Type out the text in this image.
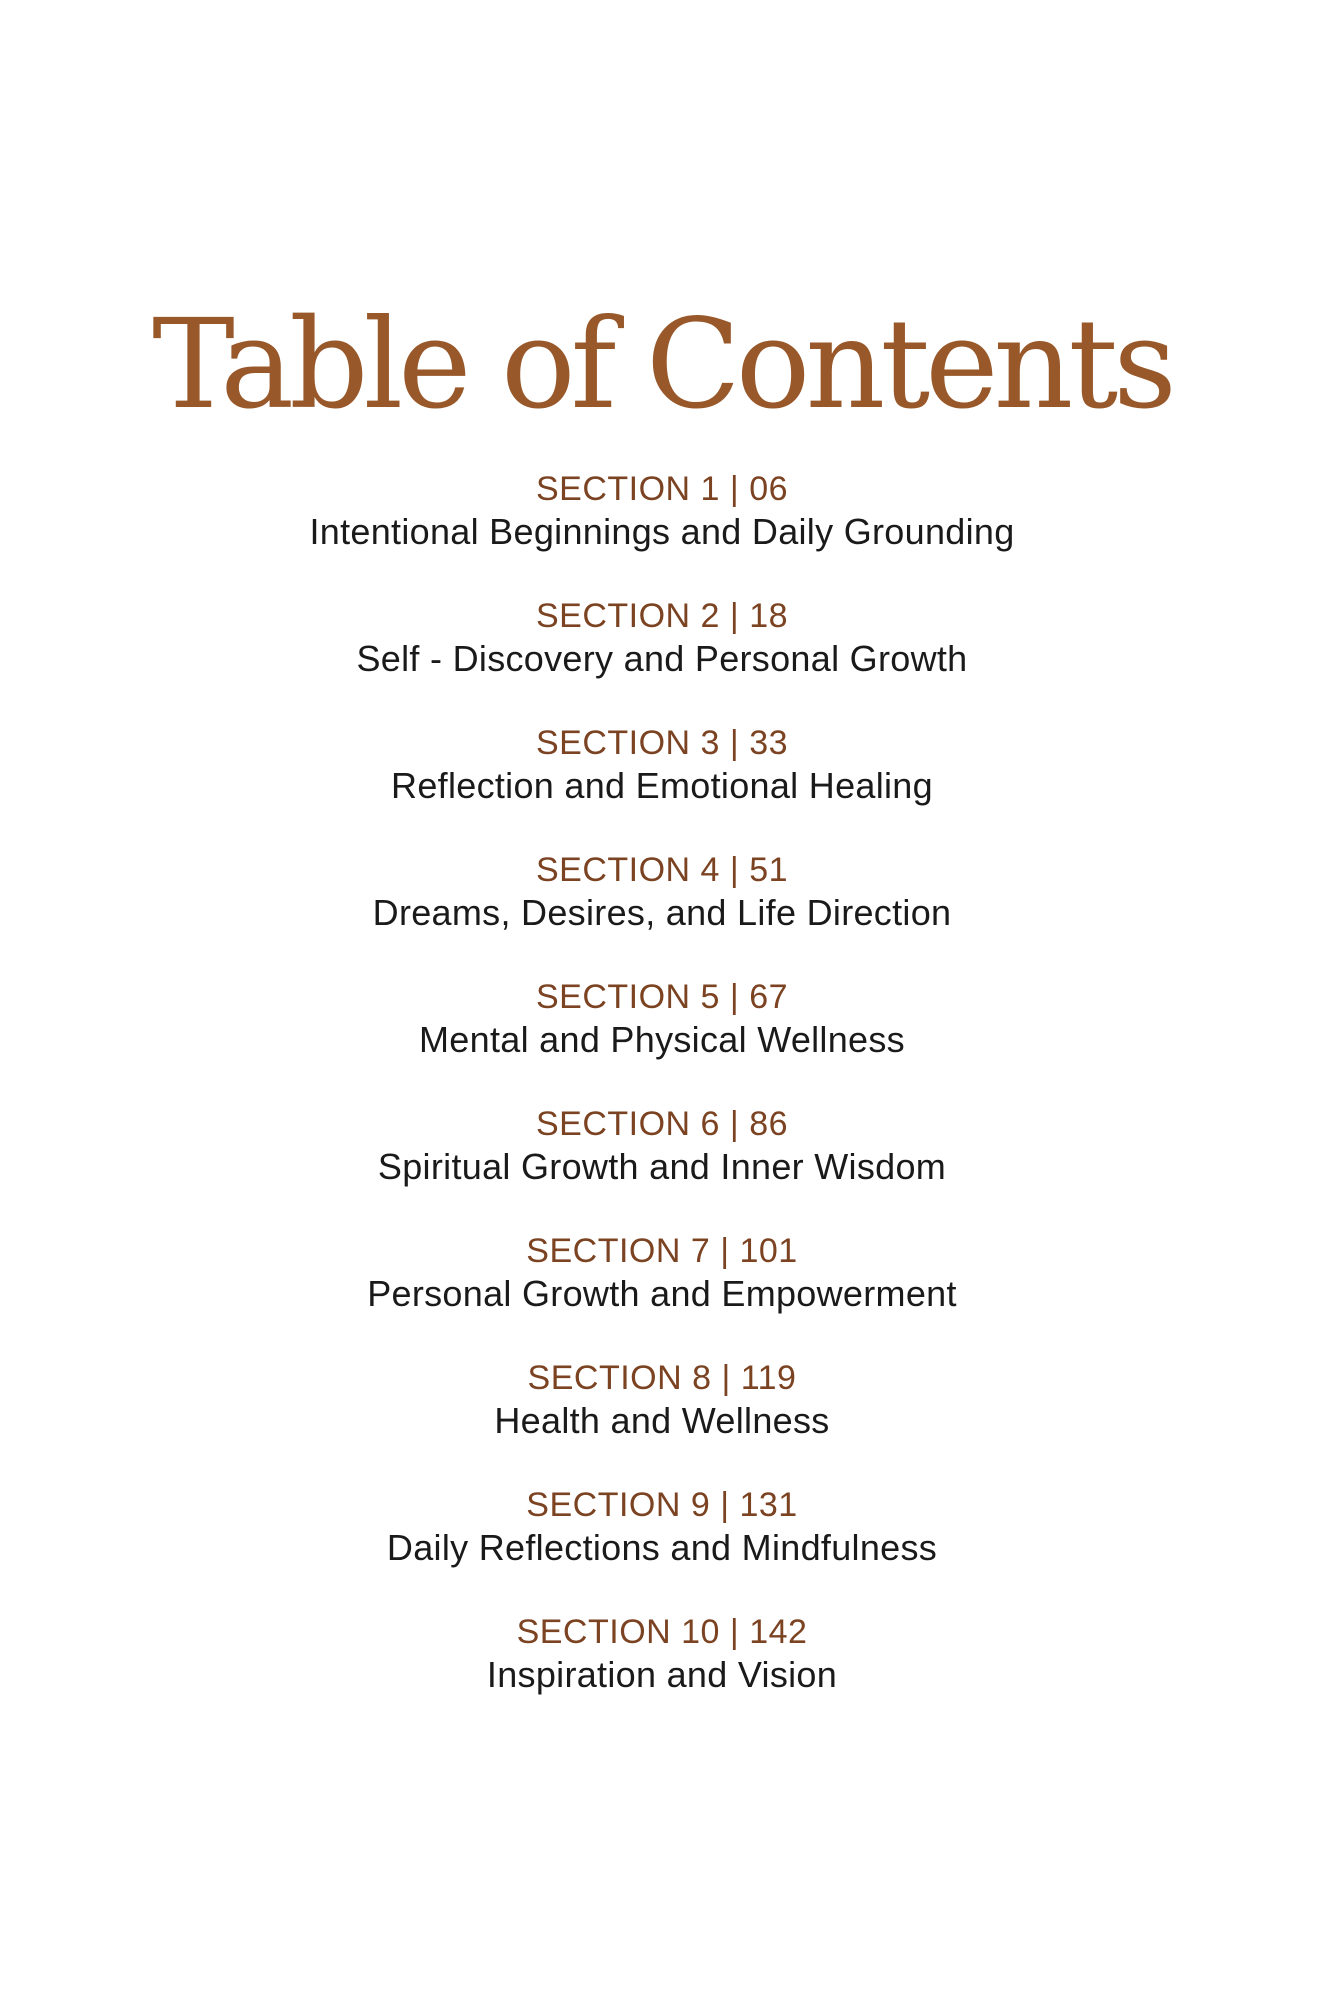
Table of Contents
SECTION 1 | 06
Intentional Beginnings and Daily Grounding
SECTION 2 | 18
Self - Discovery and Personal Growth
SECTION 3 | 33
Reflection and Emotional Healing
SECTION 4 | 51
Dreams, Desires, and Life Direction
SECTION 5 | 67
Mental and Physical Wellness
SECTION 6 | 86
Spiritual Growth and Inner Wisdom
SECTION 7 | 101
Personal Growth and Empowerment
SECTION 8 | 119
Health and Wellness
SECTION 9 | 131
Daily Reflections and Mindfulness
SECTION 10 | 142
Inspiration and Vision
